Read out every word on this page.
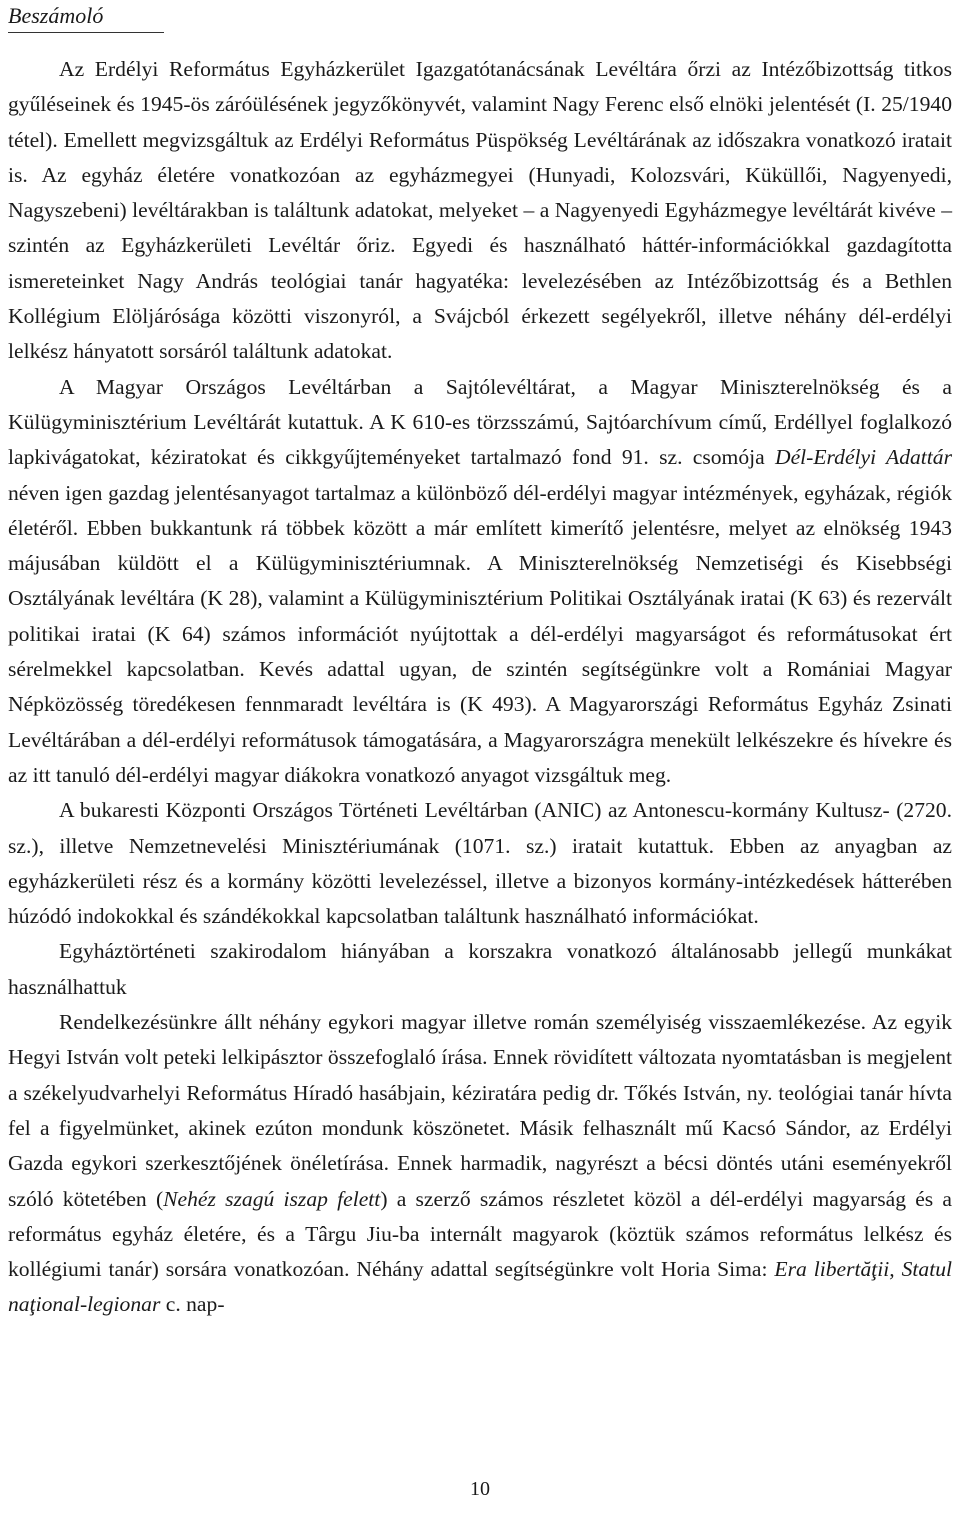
Beszámoló

Az Erdélyi Református Egyházkerület Igazgatótanácsának Levéltára őrzi az Intézőbizottság titkos gyűléseinek és 1945-ös záróülésének jegyzőkönyvét, valamint Nagy Ferenc első elnöki jelentését (I. 25/1940 tétel). Emellett megvizsgáltuk az Erdélyi Református Püspökség Levéltárának az időszakra vonatkozó iratait is. Az egyház életére vonatkozóan az egyházmegyei (Hunyadi, Kolozsvári, Küküllői, Nagyenyedi, Nagyszebeni) levéltárakban is találtunk adatokat, melyeket – a Nagyenyedi Egyházmegye levéltárát kivéve – szintén az Egyházkerületi Levéltár őriz. Egyedi és használható háttér-információkkal gazdagította ismereteinket Nagy András teológiai tanár hagyatéka: levelezésében az Intézőbizottság és a Bethlen Kollégium Elöljárósága közötti viszonyról, a Svájcból érkezett segélyekről, illetve néhány dél-erdélyi lelkész hányatott sorsáról találtunk adatokat.

A Magyar Országos Levéltárban a Sajtólevéltárat, a Magyar Miniszterelnökség és a Külügyminisztérium Levéltárát kutattuk. A K 610-es törzsszámú, Sajtóarchívum című, Erdéllyel foglalkozó lapkivágatokat, kéziratokat és cikkgyűjteményeket tartalmazó fond 91. sz. csomója Dél-Erdélyi Adattár néven igen gazdag jelentésanyagot tartalmaz a különböző dél-erdélyi magyar intézmények, egyházak, régiók életéről. Ebben bukkantunk rá többek között a már említett kimerítő jelentésre, melyet az elnökség 1943 májusában küldött el a Külügyminisztériumnak. A Miniszterelnökség Nemzetiségi és Kisebbségi Osztályának levéltára (K 28), valamint a Külügyminisztérium Politikai Osztályának iratai (K 63) és rezervált politikai iratai (K 64) számos információt nyújtottak a dél-erdélyi magyarságot és reformátusokat ért sérelmekkel kapcsolatban. Kevés adattal ugyan, de szintén segítségünkre volt a Romániai Magyar Népközösség töredékesen fennmaradt levéltára is (K 493). A Magyarországi Református Egyház Zsinati Levéltárában a dél-erdélyi reformátusok támogatására, a Magyarországra menekült lelkészekre és hívekre és az itt tanuló dél-erdélyi magyar diákokra vonatkozó anyagot vizsgáltuk meg.

A bukaresti Központi Országos Történeti Levéltárban (ANIC) az Antonescu-kormány Kultusz- (2720. sz.), illetve Nemzetnevelési Minisztériumának (1071. sz.) iratait kutattuk. Ebben az anyagban az egyházkerületi rész és a kormány közötti levelezéssel, illetve a bizonyos kormány-intézkedések hátterében húzódó indokokkal és szándékokkal kapcsolatban találtunk használható információkat.

Egyháztörténeti szakirodalom hiányában a korszakra vonatkozó általánosabb jellegű munkákat használhattuk

Rendelkezésünkre állt néhány egykori magyar illetve román személyiség visszaemlékezése. Az egyik Hegyi István volt peteki lelkipásztor összefoglaló írása. Ennek rövidített változata nyomtatásban is megjelent a székelyudvarhelyi Református Híradó hasábjain, kéziratára pedig dr. Tőkés István, ny. teológiai tanár hívta fel a figyelmünket, akinek ezúton mondunk köszönetet. Másik felhasznált mű Kacsó Sándor, az Erdélyi Gazda egykori szerkesztőjének önéletírása. Ennek harmadik, nagyrészt a bécsi döntés utáni eseményekről szóló kötetében (Nehéz szagú iszap felett) a szerző számos részletet közöl a dél-erdélyi magyarság és a református egyház életére, és a Târgu Jiu-ba internált magyarok (köztük számos református lelkész és kollégiumi tanár) sorsára vonatkozóan. Néhány adattal segítségünkre volt Horia Sima: Era libertăţii, Statul naţional-legionar c. nap-

10
